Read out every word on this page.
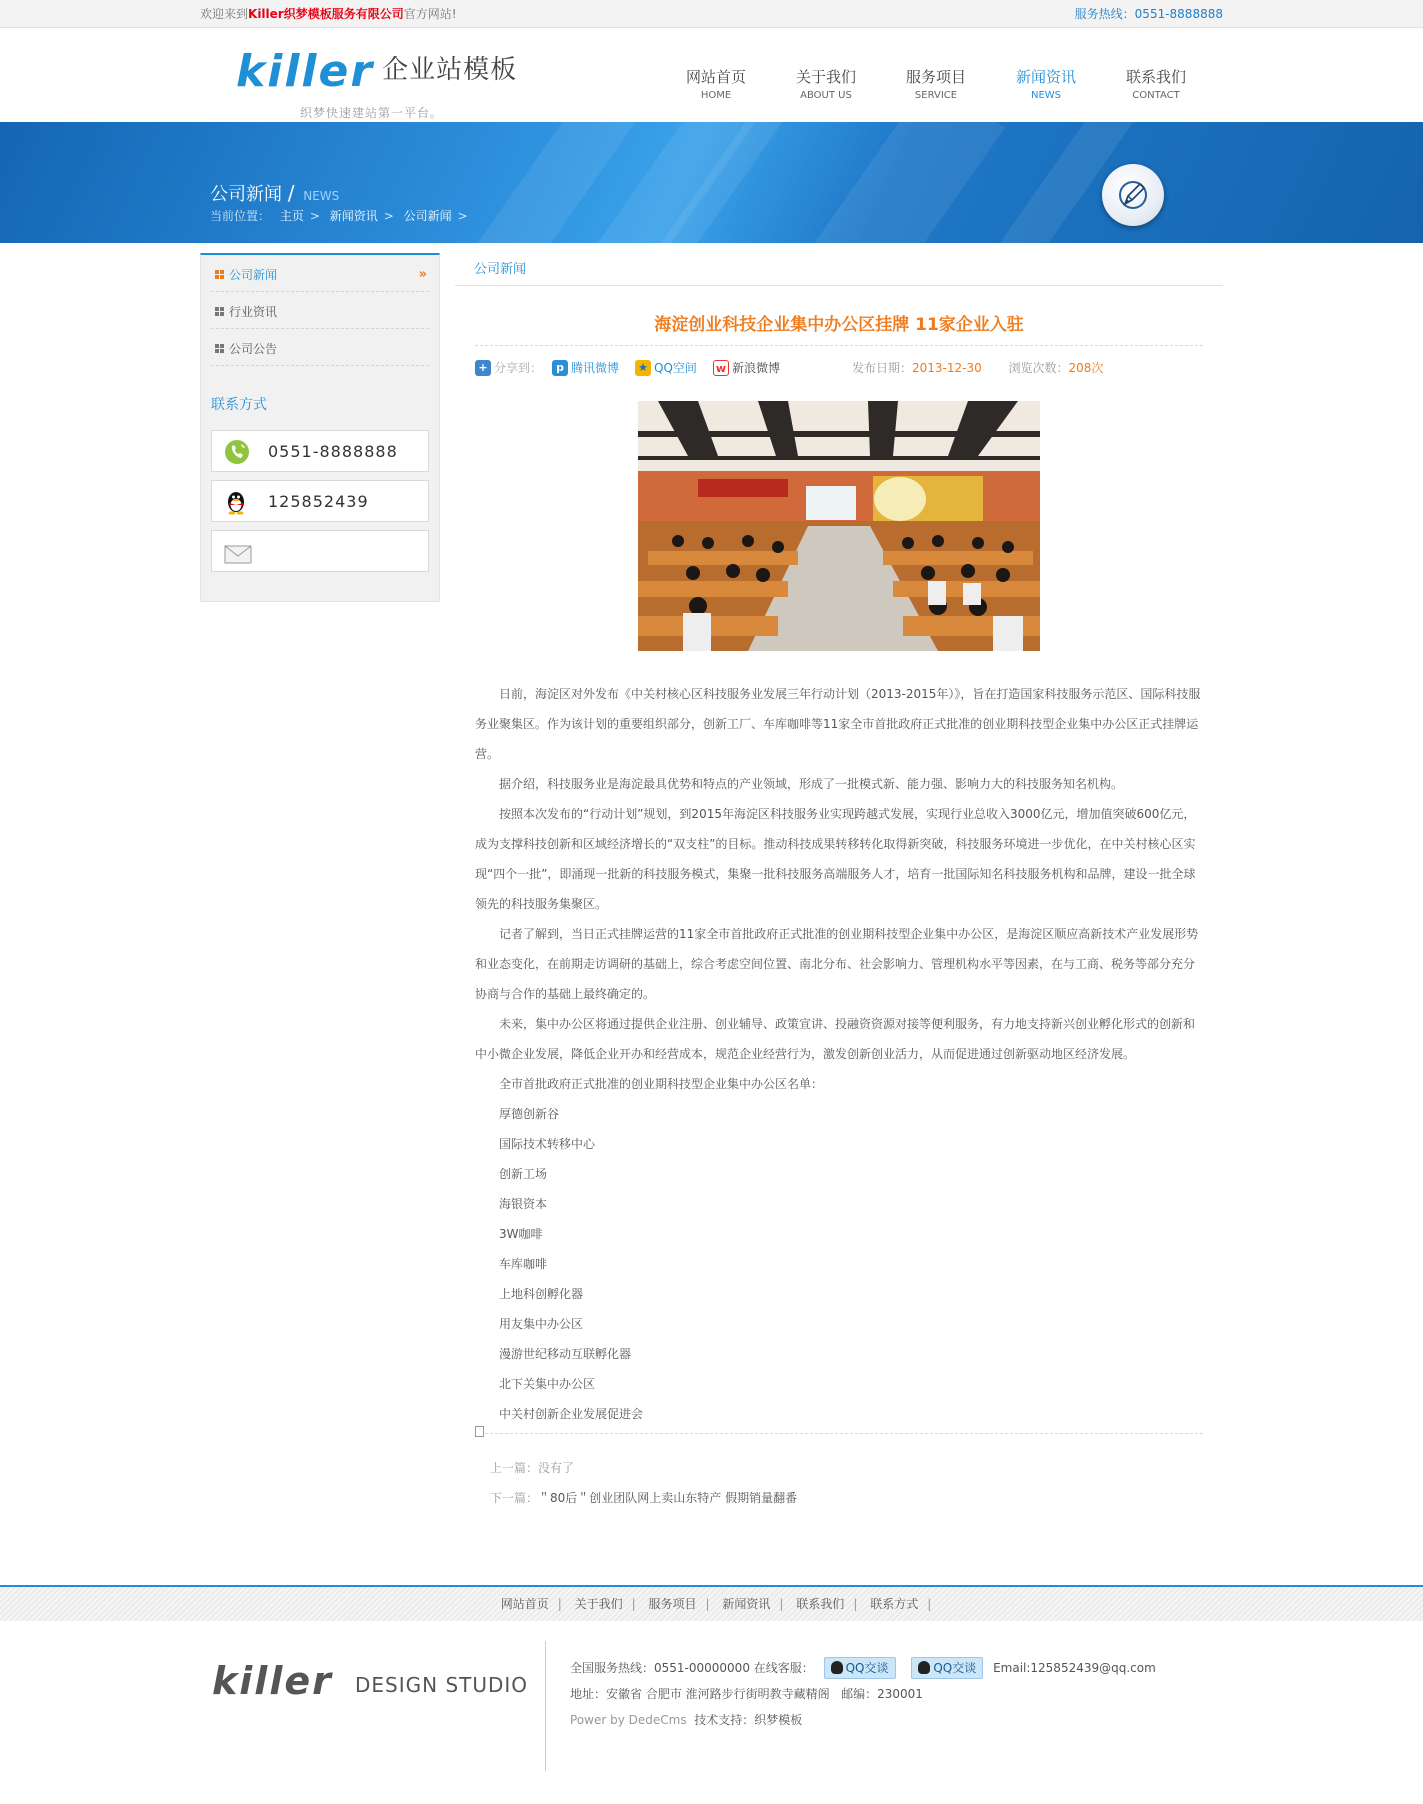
欢迎来到Killer织梦模板服务有限公司官方网站!	服务热线：0551-8888888
killer 企业站模板
织梦快速建站第一平台。
网站首页
HOME
关于我们
ABOUT US
服务项目
SERVICE
新闻资讯
NEWS
联系我们
CONTACT
公司新闻 / NEWS
当前位置： 主页 > 新闻资讯 > 公司新闻 >
公司新闻	»
行业资讯
公司公告
联系方式
0551-8888888
125852439
公司新闻
海淀创业科技企业集中办公区挂牌 11家企业入驻
+ 分享到：	p 腾讯微博 ★ QQ空间 w 新浪微博	发布日期：2013-12-30 浏览次数：208次

日前，海淀区对外发布《中关村核心区科技服务业发展三年行动计划（2013-2015年）》，旨在打造国家科技服务示范区、国际科技服务业聚集区。作为该计划的重要组织部分，创新工厂、车库咖啡等11家全市首批政府正式批准的创业期科技型企业集中办公区正式挂牌运营。

据介绍，科技服务业是海淀最具优势和特点的产业领域，形成了一批模式新、能力强、影响力大的科技服务知名机构。

按照本次发布的“行动计划”规划，到2015年海淀区科技服务业实现跨越式发展，实现行业总收入3000亿元，增加值突破600亿元，成为支撑科技创新和区域经济增长的“双支柱”的目标。推动科技成果转移转化取得新突破，科技服务环境进一步优化，在中关村核心区实现“四个一批”，即涌现一批新的科技服务模式，集聚一批科技服务高端服务人才，培育一批国际知名科技服务机构和品牌，建设一批全球领先的科技服务集聚区。

记者了解到，当日正式挂牌运营的11家全市首批政府正式批准的创业期科技型企业集中办公区，是海淀区顺应高新技术产业发展形势和业态变化，在前期走访调研的基础上，综合考虑空间位置、南北分布、社会影响力、管理机构水平等因素，在与工商、税务等部分充分协商与合作的基础上最终确定的。

未来，集中办公区将通过提供企业注册、创业辅导、政策宣讲、投融资资源对接等便利服务，有力地支持新兴创业孵化形式的创新和中小微企业发展，降低企业开办和经营成本，规范企业经营行为，激发创新创业活力，从而促进通过创新驱动地区经济发展。

全市首批政府正式批准的创业期科技型企业集中办公区名单：

厚德创新谷

国际技术转移中心

创新工场

海银资本

3W咖啡

车库咖啡

上地科创孵化器

用友集中办公区

漫游世纪移动互联孵化器

北下关集中办公区

中关村创新企业发展促进会

上一篇：没有了
下一篇：＂80后＂创业团队网上卖山东特产 假期销量翻番
网站首页 | 关于我们 | 服务项目 | 新闻资讯 | 联系我们 | 联系方式 |
killer DESIGN STUDIO
全国服务热线：0551-00000000 在线客服：	QQ交谈	QQ交谈 Email:125852439@qq.com
地址：安徽省 合肥市 淮河路步行街明教寺藏精阁 邮编：230001
Power by DedeCms 技术支持：织梦模板
